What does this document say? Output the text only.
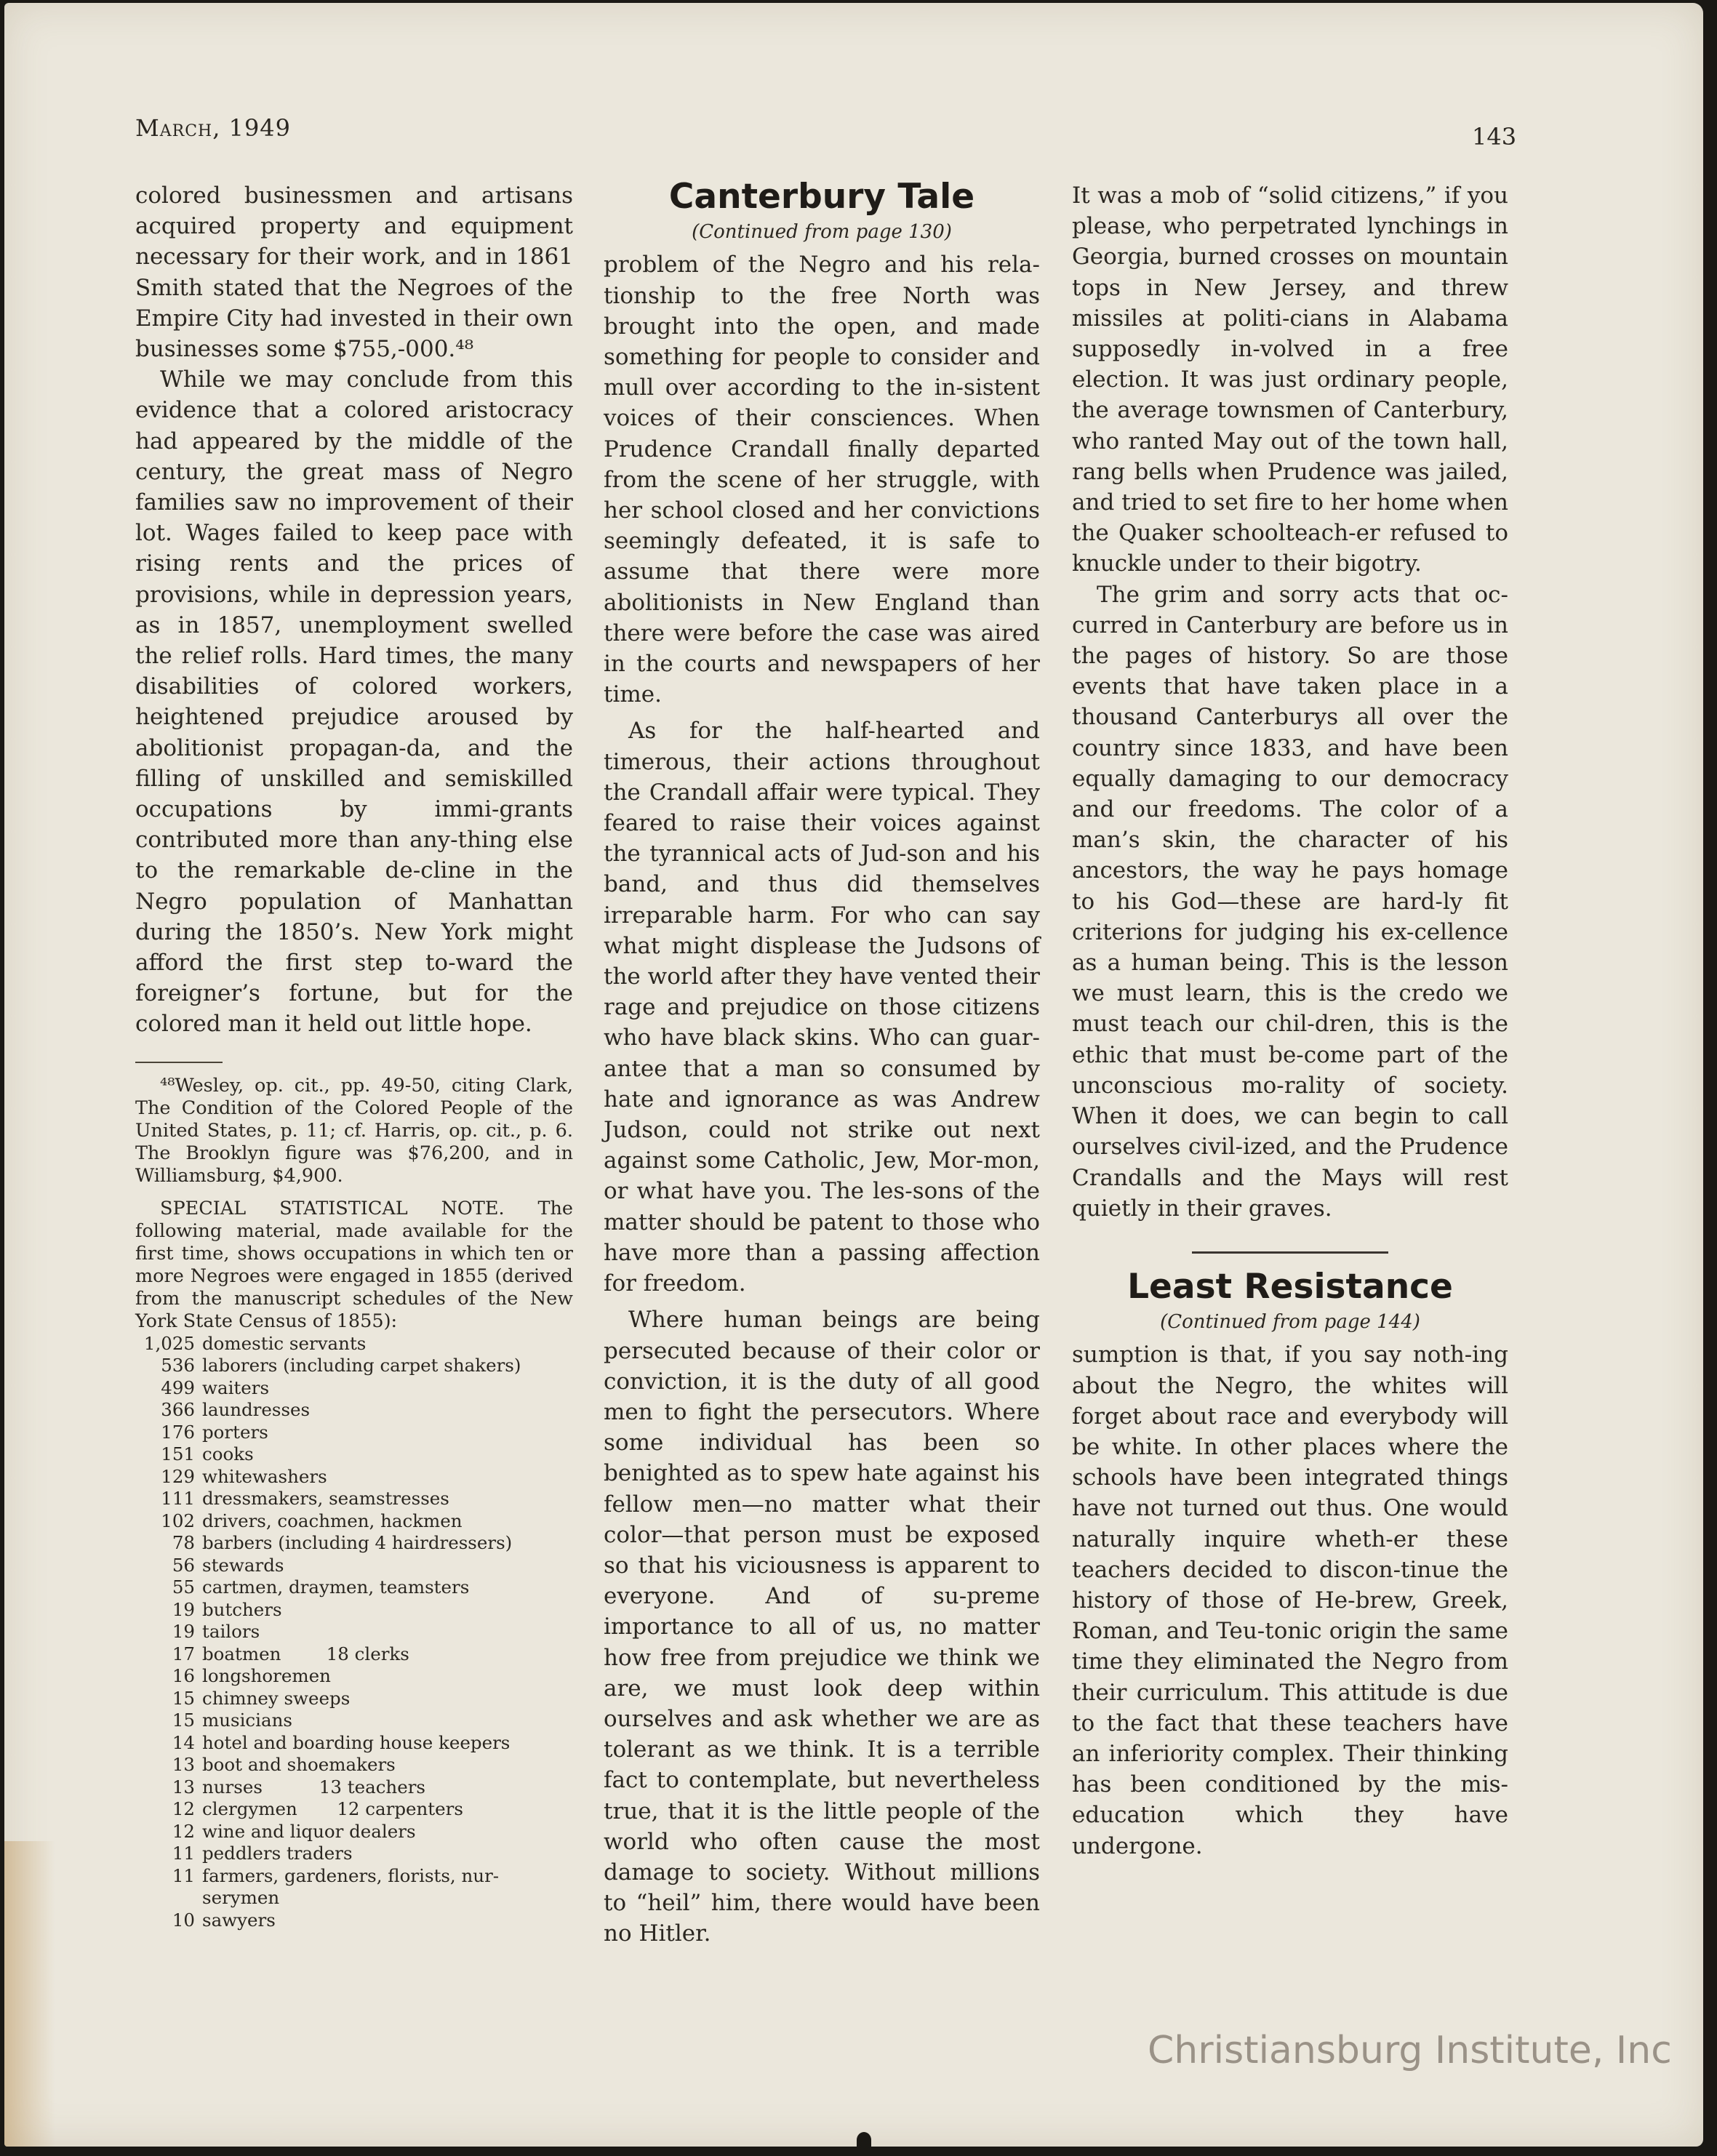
March, 1949	143

colored businessmen and artisans acquired property and equipment necessary for their work, and in 1861 Smith stated that the Negroes of the Empire City had invested in their own businesses some $755,-000.⁴⁸

While we may conclude from this evidence that a colored aristocracy had appeared by the middle of the century, the great mass of Negro families saw no improvement of their lot. Wages failed to keep pace with rising rents and the prices of provisions, while in depression years, as in 1857, unemployment swelled the relief rolls. Hard times, the many disabilities of colored workers, heightened prejudice aroused by abolitionist propagan-da, and the filling of unskilled and semiskilled occupations by immi-grants contributed more than any-thing else to the remarkable de-cline in the Negro population of Manhattan during the 1850’s. New York might afford the first step to-ward the foreigner’s fortune, but for the colored man it held out little hope.

⁴⁸Wesley, op. cit., pp. 49-50, citing Clark, The Condition of the Colored People of the United States, p. 11; cf. Harris, op. cit., p. 6. The Brooklyn figure was $76,200, and in Williamsburg, $4,900.

SPECIAL STATISTICAL NOTE. The following material, made available for the first time, shows occupations in which ten or more Negroes were engaged in 1855 (derived from the manuscript schedules of the New York State Census of 1855):

1,025 domestic servants
536 laborers (including carpet shakers)
499 waiters
366 laundresses
176 porters
151 cooks
129 whitewashers
111 dressmakers, seamstresses
102 drivers, coachmen, hackmen
78 barbers (including 4 hairdressers)
56 stewards
55 cartmen, draymen, teamsters
19 butchers
19 tailors
17 boatmen        18 clerks
16 longshoremen
15 chimney sweeps
15 musicians
14 hotel and boarding house keepers
13 boot and shoemakers
13 nurses          13 teachers
12 clergymen       12 carpenters
12 wine and liquor dealers
11 peddlers traders
11 farmers, gardeners, florists, nur-
serymen
10 sawyers
Canterbury Tale
(Continued from page 130)

problem of the Negro and his rela-tionship to the free North was brought into the open, and made something for people to consider and mull over according to the in-sistent voices of their consciences. When Prudence Crandall finally departed from the scene of her struggle, with her school closed and her convictions seemingly defeated, it is safe to assume that there were more abolitionists in New England than there were before the case was aired in the courts and newspapers of her time.

As for the half-hearted and timerous, their actions throughout the Crandall affair were typical. They feared to raise their voices against the tyrannical acts of Jud-son and his band, and thus did themselves irreparable harm. For who can say what might displease the Judsons of the world after they have vented their rage and prejudice on those citizens who have black skins. Who can guar-antee that a man so consumed by hate and ignorance as was Andrew Judson, could not strike out next against some Catholic, Jew, Mor-mon, or what have you. The les-sons of the matter should be patent to those who have more than a passing affection for freedom.

Where human beings are being persecuted because of their color or conviction, it is the duty of all good men to fight the persecutors. Where some individual has been so benighted as to spew hate against his fellow men—no matter what their color—that person must be exposed so that his viciousness is apparent to everyone. And of su-preme importance to all of us, no matter how free from prejudice we think we are, we must look deep within ourselves and ask whether we are as tolerant as we think. It is a terrible fact to contemplate, but nevertheless true, that it is the little people of the world who often cause the most damage to society. Without millions to “heil” him, there would have been no Hitler.

It was a mob of “solid citizens,” if you please, who perpetrated lynchings in Georgia, burned crosses on mountain tops in New Jersey, and threw missiles at politi-cians in Alabama supposedly in-volved in a free election. It was just ordinary people, the average townsmen of Canterbury, who ranted May out of the town hall, rang bells when Prudence was jailed, and tried to set fire to her home when the Quaker schoolteach-er refused to knuckle under to their bigotry.

The grim and sorry acts that oc-curred in Canterbury are before us in the pages of history. So are those events that have taken place in a thousand Canterburys all over the country since 1833, and have been equally damaging to our democracy and our freedoms. The color of a man’s skin, the character of his ancestors, the way he pays homage to his God—these are hard-ly fit criterions for judging his ex-cellence as a human being. This is the lesson we must learn, this is the credo we must teach our chil-dren, this is the ethic that must be-come part of the unconscious mo-rality of society. When it does, we can begin to call ourselves civil-ized, and the Prudence Crandalls and the Mays will rest quietly in their graves.

Least Resistance
(Continued from page 144)

sumption is that, if you say noth-ing about the Negro, the whites will forget about race and everybody will be white. In other places where the schools have been integrated things have not turned out thus. One would naturally inquire wheth-er these teachers decided to discon-tinue the history of those of He-brew, Greek, Roman, and Teu-tonic origin the same time they eliminated the Negro from their curriculum. This attitude is due to the fact that these teachers have an inferiority complex. Their thinking has been conditioned by the mis-education which they have undergone.

Christiansburg Institute, Inc
